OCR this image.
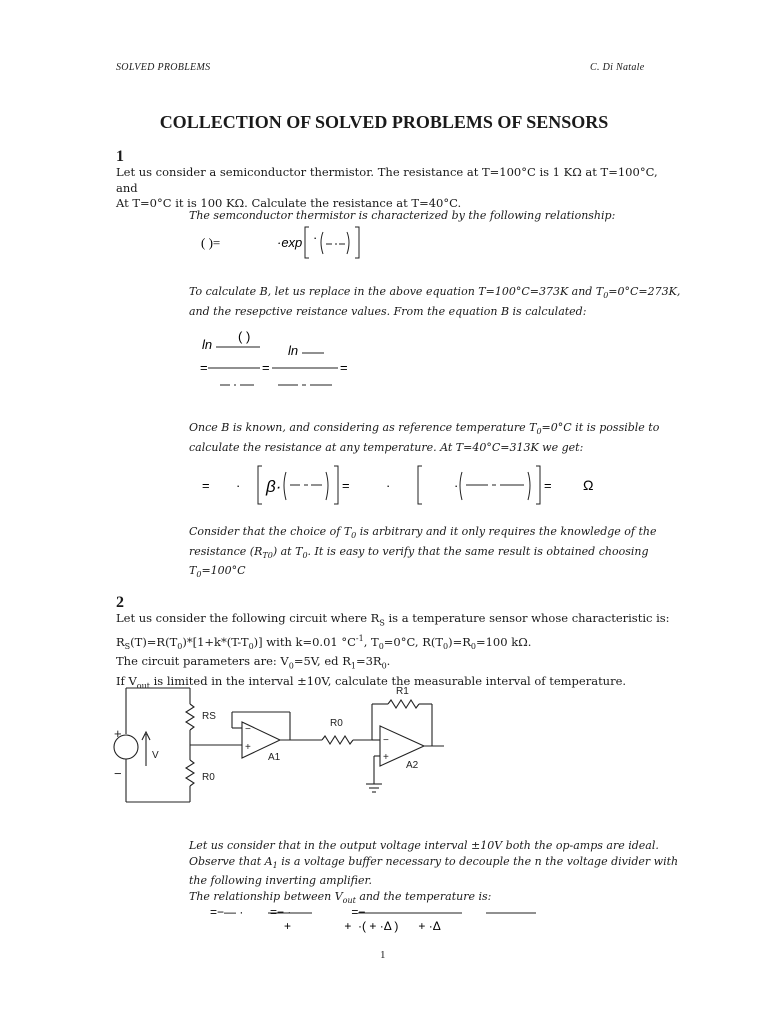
SOLVED PROBLEMS	C. Di Natale
COLLECTION OF SOLVED PROBLEMS OF SENSORS
1
Let us consider a semiconductor thermistor. The resistance at T=100°C is 1 KΩ at T=100°C, and
At T=0°C it is 100 KΩ. Calculate the resistance at T=40°C.
The semconductor thermistor is characterized by the following relationship:
( )=	·exp ·
To calculate B, let us replace in the above equation T=100°C=373K and $T_0=0^\circ C=273K$,
and the resepctive reistance values. From the equation B is calculated:
ln
( )
ln
=	=	=
Once B is known, and considering as reference temperature $T_0=0^\circ C$ it is possible to
calculate the resistance at any temperature. At T=40°C=313K we get:
= · β·	=	·	·	= Ω
Consider that the choice of $T_0$ is arbitrary and it only requires the knowledge of the
resistance $(R_{T0})$ at $T_0$. It is easy to verify that the same result is obtained choosing
$T_0=100^\circ C$
2
Let us consider the following circuit where $R_S$ is a temperature sensor whose characteristic is:
$R_S(T)=R(T_0)*[1+k*(T-T_0)]$ with k=0.01 $^\circ C^{-1}$, $T_0=0^\circ C$, $R(T_0)=R_0=100$ kΩ.
The circuit parameters are: $V_0=5V$, ed $R_1=3R_0$.
If $V_{out}$ is limited in the interval ±10V, calculate the measurable interval of temperature.
RS
R0
R0
R1
V	A1
A2
+
−
−
+
−
+
Let us consider that in the output voltage interval ±10V both the op-amps are ideal.
Observe that $A_1$ is a voltage buffer necessary to decouple the n the voltage divider with
the following inverting amplifier.
The relationship between $V_{out}$ and the temperature is:
=−— ·        =− ·                  =−
+                +  ·( + ·Δ )      + ·Δ
1
